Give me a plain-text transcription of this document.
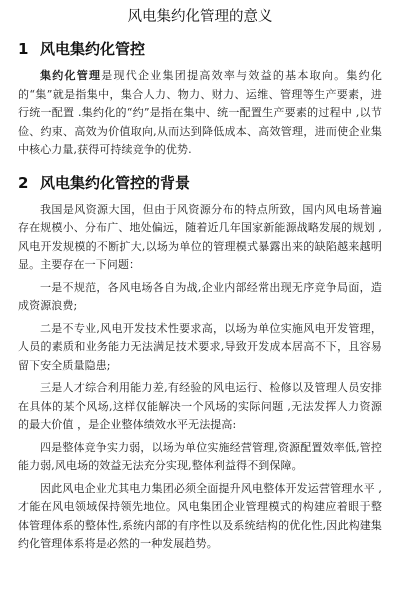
风电集约化管理的意义
1 风电集约化管控

集约化管理是现代企业集团提高效率与效益的基本取向。集约化的“集”就是指集中，集合人力、物力、财力、运维、管理等生产要素，进行统一配置 .集约化的“约”是指在集中、统一配置生产要素的过程中 ,以节俭、约束、高效为价值取向,从而达到降低成本、高效管理，进而使企业集中核心力量,获得可持续竞争的优势.

2 风电集约化管控的背景

我国是风资源大国，但由于风资源分布的特点所致，国内风电场普遍存在规模小、分布广、地处偏远，随着近几年国家新能源战略发展的规划 ,风电开发规模的不断扩大,以场为单位的管理模式暴露出来的缺陷越来越明显。主要存在一下问题：

一是不规范，各风电场各自为战,企业内部经常出现无序竞争局面，造成资源浪费;

二是不专业,风电开发技术性要求高，以场为单位实施风电开发管理，人员的素质和业务能力无法满足技术要求,导致开发成本居高不下，且容易留下安全质量隐患;

三是人才综合利用能力差,有经验的风电运行、检修以及管理人员安排在具体的某个风场,这样仅能解决一个风场的实际问题 ,无法发挥人力资源的最大价值 ，是企业整体绩效水平无法提高:

四是整体竞争实力弱，以场为单位实施经营管理,资源配置效率低,管控能力弱,风电场的效益无法充分实现,整体利益得不到保障。

因此风电企业尤其电力集团必须全面提升风电整体开发运营管理水平 ,才能在风电领域保持领先地位。风电集团企业管理模式的构建应着眼于整体管理体系的整体性,系统内部的有序性以及系统结构的优化性,因此构建集约化管理体系将是必然的一种发展趋势。
